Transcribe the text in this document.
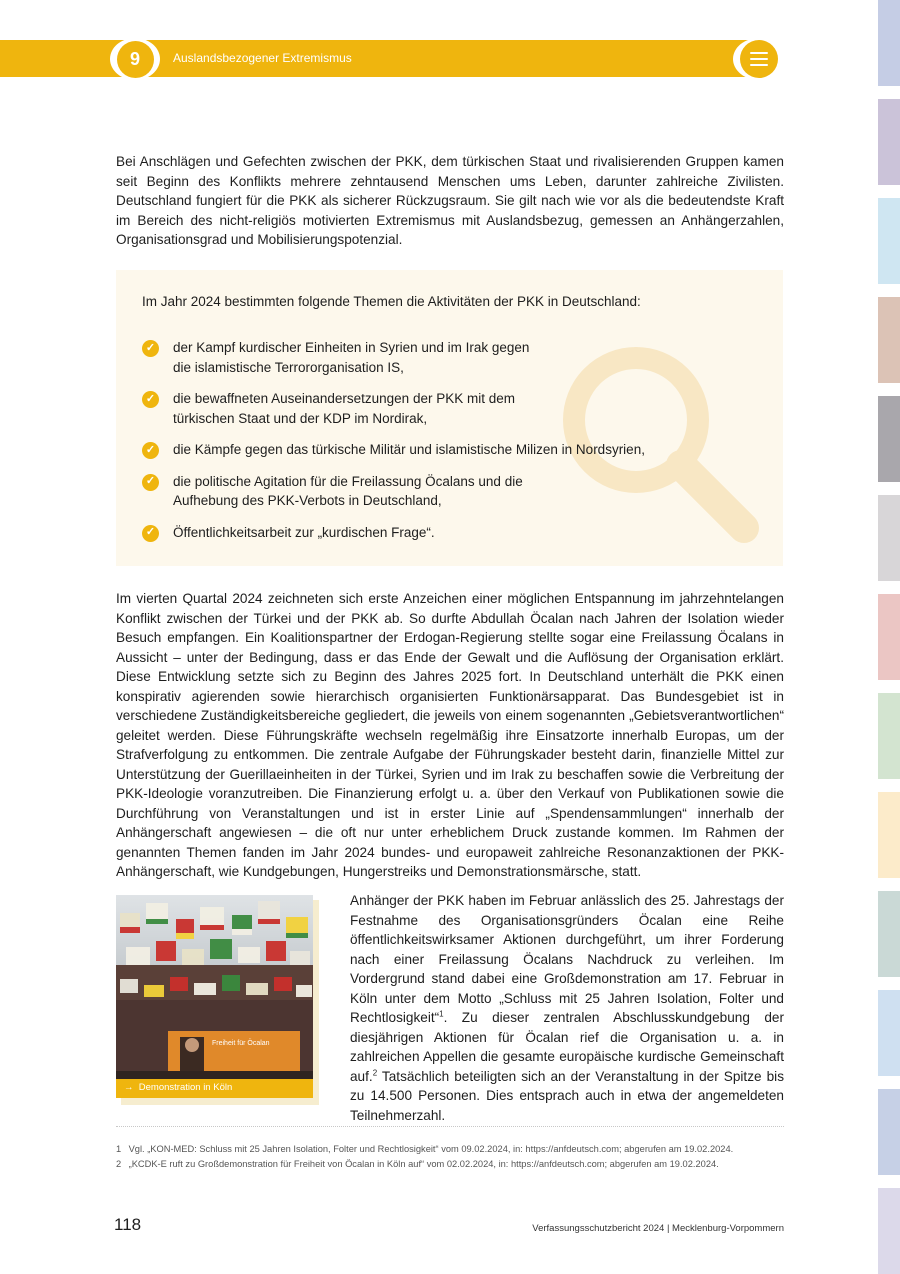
9	Auslandsbezogener Extremismus

Bei Anschlägen und Gefechten zwischen der PKK, dem türkischen Staat und rivalisierenden Gruppen kamen seit Beginn des Konflikts mehrere zehntausend Menschen ums Leben, darunter zahlreiche Zivilisten. Deutschland fungiert für die PKK als sicherer Rückzugsraum. Sie gilt nach wie vor als die bedeutendste Kraft im Bereich des nicht-religiös motivierten Extremismus mit Auslandsbezug, gemessen an Anhängerzahlen, Organisationsgrad und Mobilisierungspotenzial.

Im Jahr 2024 bestimmten folgende Themen die Aktivitäten der PKK in Deutschland:
✓ der Kampf kurdischer Einheiten in Syrien und im Irak gegen
die islamistische Terrororganisation IS,
✓ die bewaffneten Auseinandersetzungen der PKK mit dem
türkischen Staat und der KDP im Nordirak,
✓ die Kämpfe gegen das türkische Militär und islamistische Milizen in Nordsyrien,
✓ die politische Agitation für die Freilassung Öcalans und die
Aufhebung des PKK-Verbots in Deutschland,
✓ Öffentlichkeitsarbeit zur „kurdischen Frage“.

Im vierten Quartal 2024 zeichneten sich erste Anzeichen einer möglichen Entspannung im jahrzehntelangen Konflikt zwischen der Türkei und der PKK ab. So durfte Abdullah Öcalan nach Jahren der Isolation wieder Besuch empfangen. Ein Koalitionspartner der Erdogan-Regierung stellte sogar eine Freilassung Öcalans in Aussicht – unter der Bedingung, dass er das Ende der Gewalt und die Auflösung der Organisation erklärt. Diese Entwicklung setzte sich zu Beginn des Jahres 2025 fort. In Deutschland unterhält die PKK einen konspirativ agierenden sowie hierarchisch organisierten Funktionärsapparat. Das Bundesgebiet ist in verschiedene Zuständigkeitsbereiche gegliedert, die jeweils von einem sogenannten „Gebietsverantwortlichen“ geleitet werden. Diese Führungskräfte wechseln regelmäßig ihre Einsatzorte innerhalb Europas, um der Strafverfolgung zu entkommen. Die zentrale Aufgabe der Führungskader besteht darin, finanzielle Mittel zur Unterstützung der Guerillaeinheiten in der Türkei, Syrien und im Irak zu beschaffen sowie die Verbreitung der PKK-Ideologie voranzutreiben. Die Finanzierung erfolgt u. a. über den Verkauf von Publikationen sowie die Durchführung von Veranstaltungen und ist in erster Linie auf „Spendensammlungen“ innerhalb der Anhängerschaft angewiesen – die oft nur unter erheblichem Druck zustande kommen. Im Rahmen der genannten Themen fanden im Jahr 2024 bundes- und europaweit zahlreiche Resonanzaktionen der PKK-Anhängerschaft, wie Kundgebungen, Hungerstreiks und Demonstrationsmärsche, statt.

Freiheit für Öcalan
→  Demonstration in Köln

Anhänger der PKK haben im Februar anlässlich des 25. Jahrestags der Festnahme des Organisationsgründers Öcalan eine Reihe öffentlichkeitswirksamer Aktionen durchgeführt, um ihrer Forderung nach einer Freilassung Öcalans Nachdruck zu verleihen. Im Vordergrund stand dabei eine Großdemonstration am 17. Februar in Köln unter dem Motto „Schluss mit 25 Jahren Isolation, Folter und Rechtlosigkeit“$^1$. Zu dieser zentralen Abschlusskundgebung der diesjährigen Aktionen für Öcalan rief die Organisation u. a. in zahlreichen Appellen die gesamte europäische kurdische Gemeinschaft auf.$^2$ Tatsächlich beteiligten sich an der Veranstaltung in der Spitze bis zu 14.500 Personen. Dies entsprach auch in etwa der angemeldeten Teilnehmerzahl.

1 Vgl. „KON-MED: Schluss mit 25 Jahren Isolation, Folter und Rechtlosigkeit“ vom 09.02.2024, in: https://anfdeutsch.com; abgerufen am 19.02.2024.
2 „KCDK-E ruft zu Großdemonstration für Freiheit von Öcalan in Köln auf“ vom 02.02.2024, in: https://anfdeutsch.com; abgerufen am 19.02.2024.
118	Verfassungsschutzbericht 2024 | Mecklenburg-Vorpommern
